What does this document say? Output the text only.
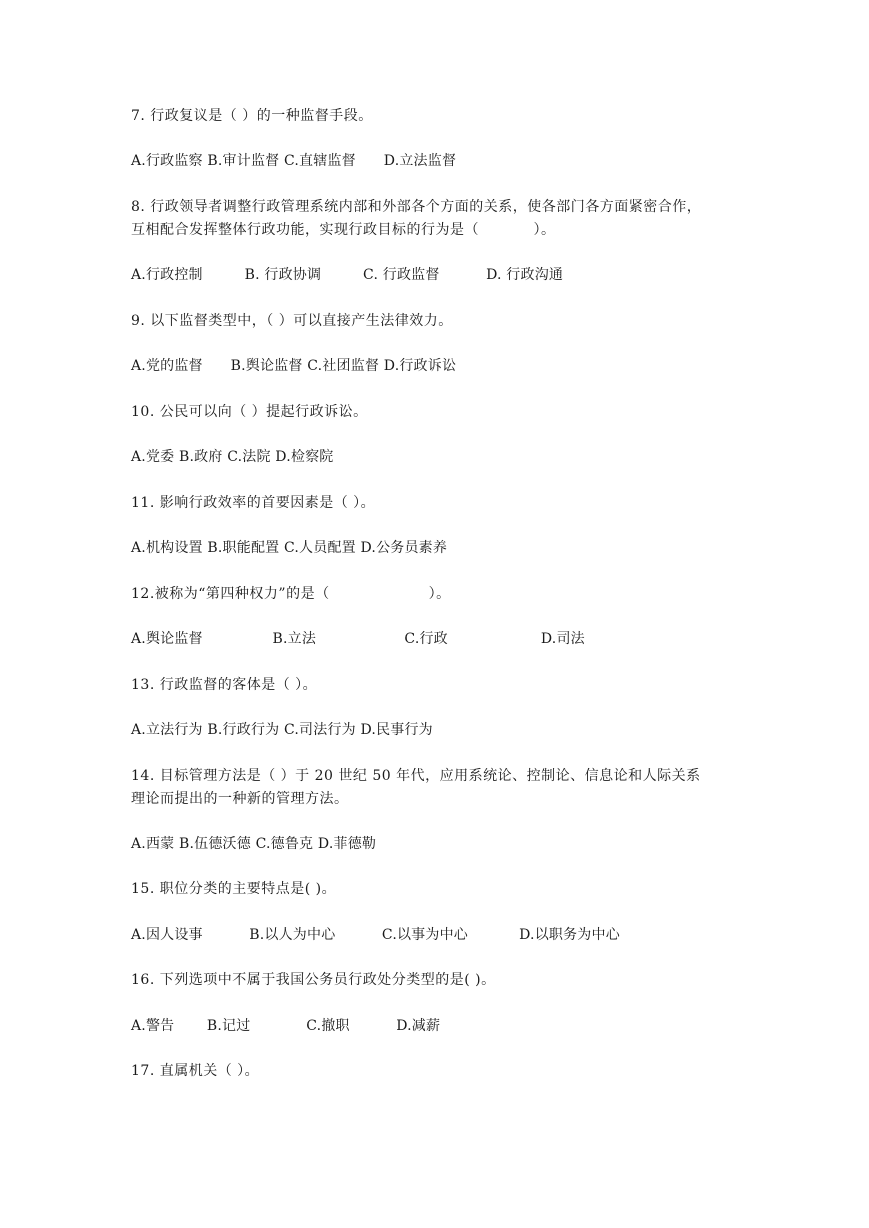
7. 行政复议是（ ）的一种监督手段。

A.行政监察 B.审计监督 C.直辖监督      D.立法监督

8. 行政领导者调整行政管理系统内部和外部各个方面的关系，使各部门各方面紧密合作，

互相配合发挥整体行政功能，实现行政目标的行为是（           ）。

A.行政控制         B. 行政协调         C. 行政监督          D. 行政沟通

9. 以下监督类型中，（ ）可以直接产生法律效力。

A.党的监督      B.舆论监督 C.社团监督 D.行政诉讼

10. 公民可以向（ ）提起行政诉讼。

A.党委 B.政府 C.法院 D.检察院

11. 影响行政效率的首要因素是（ ）。

A.机构设置 B.职能配置 C.人员配置 D.公务员素养

12.被称为“第四种权力”的是（                    ）。

A.舆论监督               B.立法                   C.行政                    D.司法

13. 行政监督的客体是（ ）。

A.立法行为 B.行政行为 C.司法行为 D.民事行为

14. 目标管理方法是（ ）于 20 世纪 50 年代，应用系统论、控制论、信息论和人际关系

理论而提出的一种新的管理方法。

A.西蒙 B.伍德沃德 C.德鲁克 D.菲德勒

15. 职位分类的主要特点是( )。

A.因人设事          B.以人为中心          C.以事为中心           D.以职务为中心

16. 下列选项中不属于我国公务员行政处分类型的是( )。

A.警告       B.记过            C.撤职          D.减薪

17. 直属机关（ ）。
